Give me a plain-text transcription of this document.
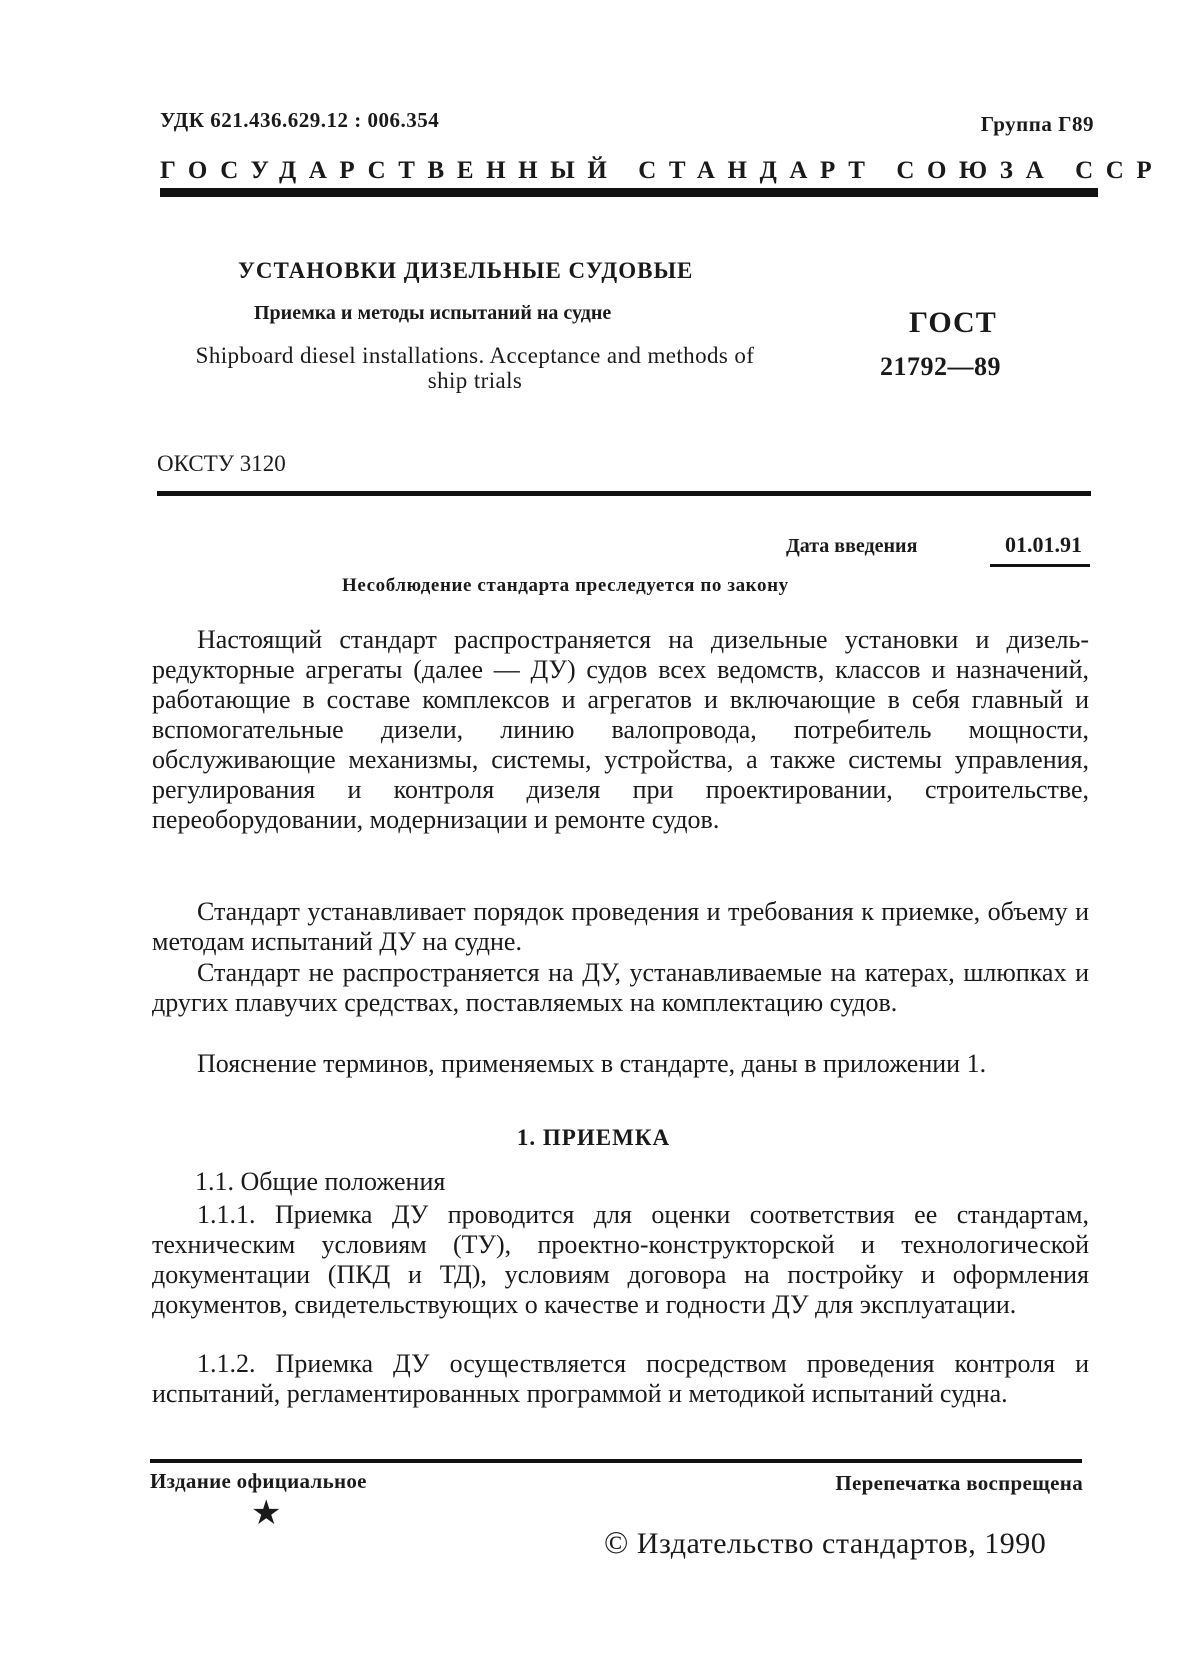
УДК 621.436.629.12 : 006.354	Группа Г89
ГОСУДАРСТВЕННЫЙ СТАНДАРТ СОЮЗА ССР
УСТАНОВКИ ДИЗЕЛЬНЫЕ СУДОВЫЕ
Приемка и методы испытаний на судне
Shipboard diesel installations. Acceptance and methods of ship trials
ГОСТ
21792—89
ОКСТУ 3120
Дата введения	01.01.91
Несоблюдение стандарта преследуется по закону
Настоящий стандарт распространяется на дизельные установки и дизель-редукторные агрегаты (далее — ДУ) судов всех ведомств, классов и назначений, работающие в составе комплексов и агрегатов и включающие в себя главный и вспомогательные дизели, линию валопровода, потребитель мощности, обслуживающие механизмы, системы, устройства, а также системы управления, регулирования и контроля дизеля при проектировании, строительстве, переоборудовании, модернизации и ремонте судов.
Стандарт устанавливает порядок проведения и требования к приемке, объему и методам испытаний ДУ на судне.
Стандарт не распространяется на ДУ, устанавливаемые на катерах, шлюпках и других плавучих средствах, поставляемых на комплектацию судов.
Пояснение терминов, применяемых в стандарте, даны в приложении 1.
1. ПРИЕМКА
1.1. Общие положения
1.1.1. Приемка ДУ проводится для оценки соответствия ее стандартам, техническим условиям (ТУ), проектно-конструкторской и технологической документации (ПКД и ТД), условиям договора на постройку и оформления документов, свидетельствующих о качестве и годности ДУ для эксплуатации.
1.1.2. Приемка ДУ осуществляется посредством проведения контроля и испытаний, регламентированных программой и методикой испытаний судна.
Издание официальное	Перепечатка воспрещена
★
© Издательство стандартов, 1990
